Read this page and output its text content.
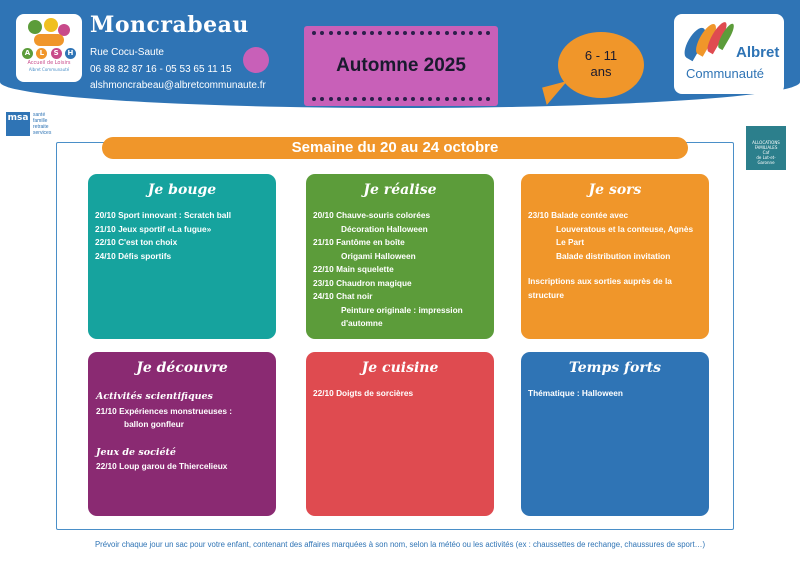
A	L	S	H
Accueil de Loisirs
Albret Communauté
Moncrabeau
Rue Cocu-Saute
06 88 82 87 16 - 05 53 65 11 15
alshmoncrabeau@albretcommunaute.fr
Automne 2025	6 - 11
ans
Albret
Communauté
msa santé
famille
retraite
services
ALLOCATIONS
FAMILIALES
Caf
de Lot-et-
Garonne
Semaine du 20 au 24 octobre
Je bouge
20/10 Sport innovant : Scratch ball
21/10 Jeux sportif «La fugue»
22/10 C'est ton choix
24/10 Défis sportifs
Je réalise
20/10 Chauve-souris colorées
Décoration Halloween
21/10 Fantôme en boîte
Origami Halloween
22/10 Main squelette
23/10 Chaudron magique
24/10 Chat noir
Peinture originale : impression
d'automne
Je sors
23/10 Balade contée avec
Louveratous et la conteuse, Agnès
Le Part
Balade distribution invitation
Inscriptions aux sorties auprès de la
structure
Je découvre
Activités scientifiques
21/10 Expériences monstrueuses :
ballon gonfleur
Jeux de société
22/10 Loup garou de Thiercelieux
Je cuisine
22/10 Doigts de sorcières
Temps forts
Thématique : Halloween
Prévoir chaque jour un sac pour votre enfant, contenant des affaires marquées à son nom, selon la météo ou les activités (ex : chaussettes de rechange, chaussures de sport…)
